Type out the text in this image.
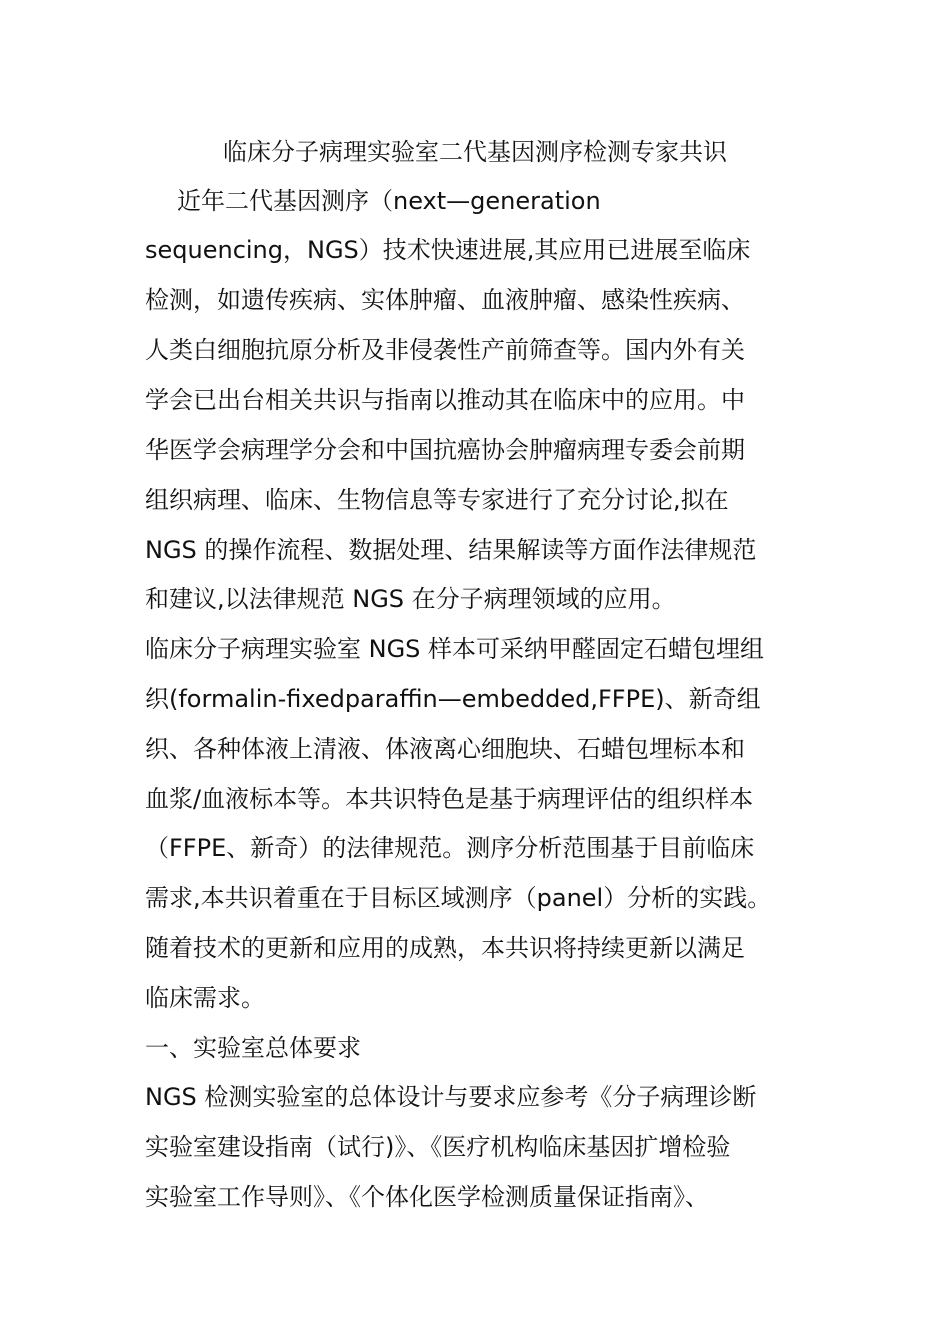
临床分子病理实验室二代基因测序检测专家共识
近年二代基因测序（next—generation
sequencing，NGS）技术快速进展,其应用已进展至临床
检测，如遗传疾病、实体肿瘤、血液肿瘤、感染性疾病、
人类白细胞抗原分析及非侵袭性产前筛查等。国内外有关
学会已出台相关共识与指南以推动其在临床中的应用。中
华医学会病理学分会和中国抗癌协会肿瘤病理专委会前期
组织病理、临床、生物信息等专家进行了充分讨论,拟在
NGS 的操作流程、数据处理、结果解读等方面作法律规范
和建议,以法律规范 NGS 在分子病理领域的应用。
临床分子病理实验室 NGS 样本可采纳甲醛固定石蜡包埋组
织(formalin-fixedparaffin—embedded,FFPE)、新奇组
织、各种体液上清液、体液离心细胞块、石蜡包埋标本和
血浆/血液标本等。本共识特色是基于病理评估的组织样本
（FFPE、新奇）的法律规范。测序分析范围基于目前临床
需求,本共识着重在于目标区域测序（panel）分析的实践。
随着技术的更新和应用的成熟，本共识将持续更新以满足
临床需求。
一、实验室总体要求
NGS 检测实验室的总体设计与要求应参考《分子病理诊断
实验室建设指南（试行)》、《医疗机构临床基因扩增检验
实验室工作导则》、《个体化医学检测质量保证指南》、
